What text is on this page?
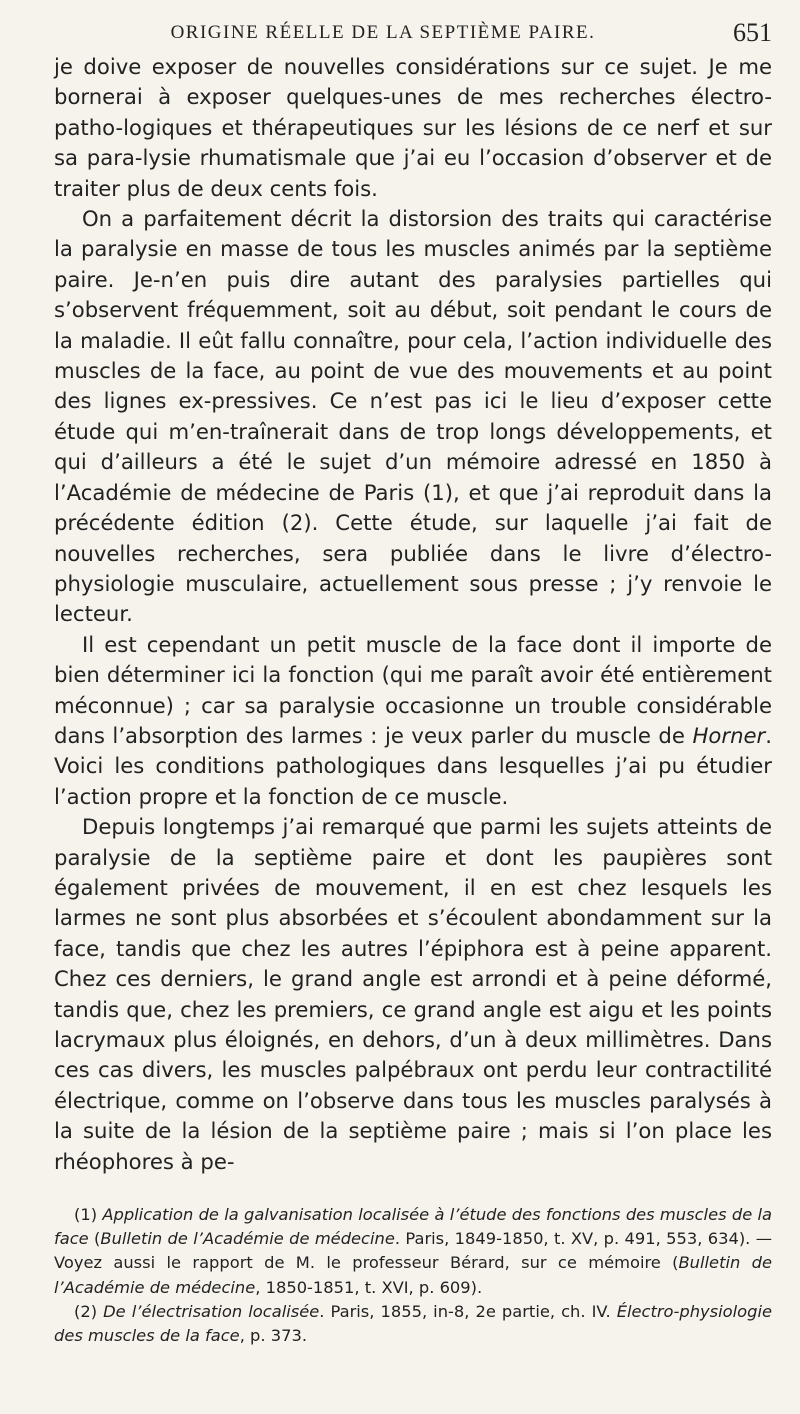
ORIGINE RÉELLE DE LA SEPTIÈME PAIRE.	651

je doive exposer de nouvelles considérations sur ce sujet. Je me bornerai à exposer quelques-unes de mes recherches électro-patho-logiques et thérapeutiques sur les lésions de ce nerf et sur sa para-lysie rhumatismale que j’ai eu l’occasion d’observer et de traiter plus de deux cents fois.

On a parfaitement décrit la distorsion des traits qui caractérise la paralysie en masse de tous les muscles animés par la septième paire. Je-n’en puis dire autant des paralysies partielles qui s’observent fréquemment, soit au début, soit pendant le cours de la maladie. Il eût fallu connaître, pour cela, l’action individuelle des muscles de la face, au point de vue des mouvements et au point des lignes ex-pressives. Ce n’est pas ici le lieu d’exposer cette étude qui m’en-traînerait dans de trop longs développements, et qui d’ailleurs a été le sujet d’un mémoire adressé en 1850 à l’Académie de médecine de Paris (1), et que j’ai reproduit dans la précédente édition (2). Cette étude, sur laquelle j’ai fait de nouvelles recherches, sera publiée dans le livre d’électro-physiologie musculaire, actuellement sous presse ; j’y renvoie le lecteur.

Il est cependant un petit muscle de la face dont il importe de bien déterminer ici la fonction (qui me paraît avoir été entièrement méconnue) ; car sa paralysie occasionne un trouble considérable dans l’absorption des larmes : je veux parler du muscle de Horner. Voici les conditions pathologiques dans lesquelles j’ai pu étudier l’action propre et la fonction de ce muscle.

Depuis longtemps j’ai remarqué que parmi les sujets atteints de paralysie de la septième paire et dont les paupières sont également privées de mouvement, il en est chez lesquels les larmes ne sont plus absorbées et s’écoulent abondamment sur la face, tandis que chez les autres l’épiphora est à peine apparent. Chez ces derniers, le grand angle est arrondi et à peine déformé, tandis que, chez les premiers, ce grand angle est aigu et les points lacrymaux plus éloignés, en dehors, d’un à deux millimètres. Dans ces cas divers, les muscles palpébraux ont perdu leur contractilité électrique, comme on l’observe dans tous les muscles paralysés à la suite de la lésion de la septième paire ; mais si l’on place les rhéophores à pe-

(1) Application de la galvanisation localisée à l’étude des fonctions des muscles de la face (Bulletin de l’Académie de médecine. Paris, 1849-1850, t. XV, p. 491, 553, 634). — Voyez aussi le rapport de M. le professeur Bérard, sur ce mémoire (Bulletin de l’Académie de médecine, 1850-1851, t. XVI, p. 609).

(2) De l’électrisation localisée. Paris, 1855, in-8, 2e partie, ch. IV. Électro-physiologie des muscles de la face, p. 373.
